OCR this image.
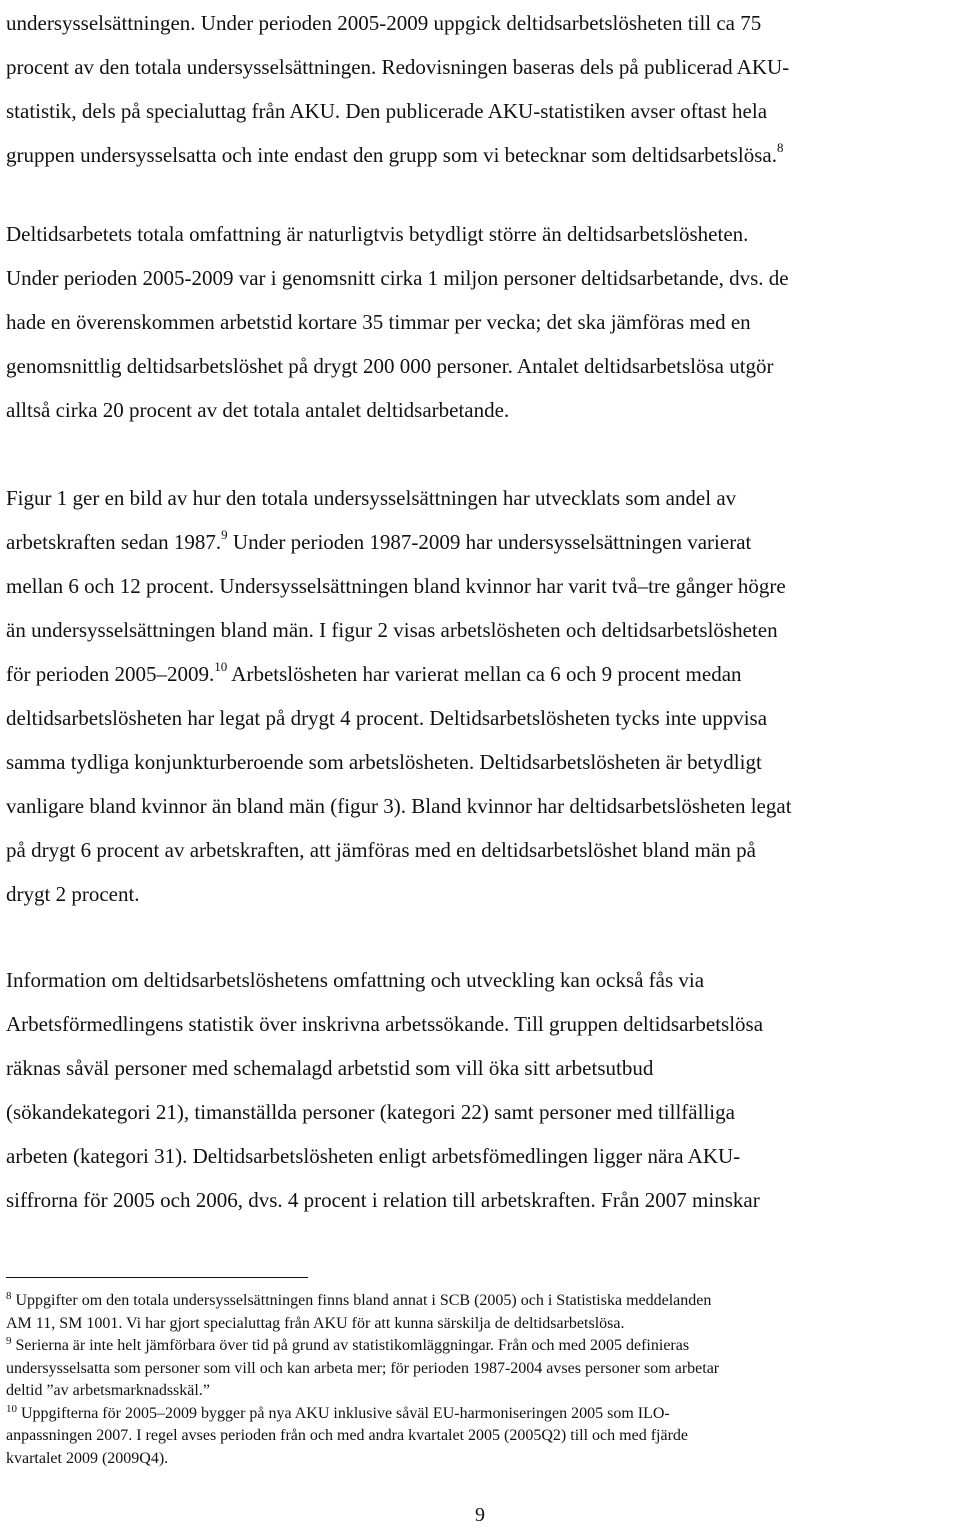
undersysselsättningen. Under perioden 2005-2009 uppgick deltidsarbetslösheten till ca 75
procent av den totala undersysselsättningen. Redovisningen baseras dels på publicerad AKU-
statistik, dels på specialuttag från AKU. Den publicerade AKU-statistiken avser oftast hela
gruppen undersysselsatta och inte endast den grupp som vi betecknar som deltidsarbetslösa.$^8$
Deltidsarbetets totala omfattning är naturligtvis betydligt större än deltidsarbetslösheten.
Under perioden 2005-2009 var i genomsnitt cirka 1 miljon personer deltidsarbetande, dvs. de
hade en överenskommen arbetstid kortare 35 timmar per vecka; det ska jämföras med en
genomsnittlig deltidsarbetslöshet på drygt 200 000 personer. Antalet deltidsarbetslösa utgör
alltså cirka 20 procent av det totala antalet deltidsarbetande.
Figur 1 ger en bild av hur den totala undersysselsättningen har utvecklats som andel av
arbetskraften sedan 1987.$^9$ Under perioden 1987-2009 har undersysselsättningen varierat
mellan 6 och 12 procent. Undersysselsättningen bland kvinnor har varit två–tre gånger högre
än undersysselsättningen bland män. I figur 2 visas arbetslösheten och deltidsarbetslösheten
för perioden 2005–2009.10 Arbetslösheten har varierat mellan ca 6 och 9 procent medan
deltidsarbetslösheten har legat på drygt 4 procent. Deltidsarbetslösheten tycks inte uppvisa
samma tydliga konjunkturberoende som arbetslösheten. Deltidsarbetslösheten är betydligt
vanligare bland kvinnor än bland män (figur 3). Bland kvinnor har deltidsarbetslösheten legat
på drygt 6 procent av arbetskraften, att jämföras med en deltidsarbetslöshet bland män på
drygt 2 procent.
Information om deltidsarbetslöshetens omfattning och utveckling kan också fås via
Arbetsförmedlingens statistik över inskrivna arbetssökande. Till gruppen deltidsarbetslösa
räknas såväl personer med schemalagd arbetstid som vill öka sitt arbetsutbud
(sökandekategori 21), timanställda personer (kategori 22) samt personer med tillfälliga
arbeten (kategori 31). Deltidsarbetslösheten enligt arbetsfömedlingen ligger nära AKU-
siffrorna för 2005 och 2006, dvs. 4 procent i relation till arbetskraften. Från 2007 minskar
$^8$ Uppgifter om den totala undersysselsättningen finns bland annat i SCB (2005) och i Statistiska meddelanden
AM 11, SM 1001. Vi har gjort specialuttag från AKU för att kunna särskilja de deltidsarbetslösa.
$^9$ Serierna är inte helt jämförbara över tid på grund av statistikomläggningar. Från och med 2005 definieras
undersysselsatta som personer som vill och kan arbeta mer; för perioden 1987-2004 avses personer som arbetar
deltid ”av arbetsmarknadsskäl.”
$^{10}$ Uppgifterna för 2005–2009 bygger på nya AKU inklusive såväl EU-harmoniseringen 2005 som ILO-
anpassningen 2007. I regel avses perioden från och med andra kvartalet 2005 (2005Q2) till och med fjärde
kvartalet 2009 (2009Q4).
9
